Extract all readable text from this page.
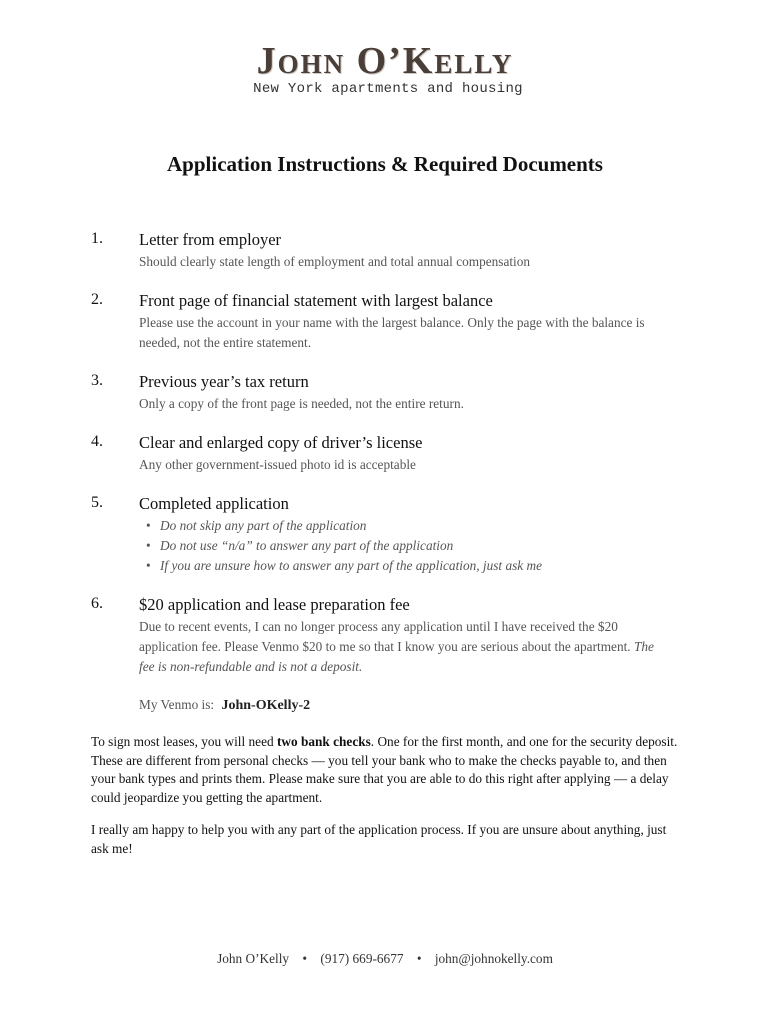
John O’Kelly
New York apartments and housing
Application Instructions & Required Documents
1. Letter from employer
Should clearly state length of employment and total annual compensation
2. Front page of financial statement with largest balance
Please use the account in your name with the largest balance. Only the page with the balance is needed, not the entire statement.
3. Previous year’s tax return
Only a copy of the front page is needed, not the entire return.
4. Clear and enlarged copy of driver’s license
Any other government-issued photo id is acceptable
5. Completed application
• Do not skip any part of the application
• Do not use “n/a” to answer any part of the application
• If you are unsure how to answer any part of the application, just ask me
6. $20 application and lease preparation fee
Due to recent events, I can no longer process any application until I have received the $20 application fee. Please Venmo $20 to me so that I know you are serious about the apartment. The fee is non-refundable and is not a deposit.
My Venmo is: John-OKelly-2
To sign most leases, you will need two bank checks. One for the first month, and one for the security deposit. These are different from personal checks — you tell your bank who to make the checks payable to, and then your bank types and prints them. Please make sure that you are able to do this right after applying — a delay could jeopardize you getting the apartment.
I really am happy to help you with any part of the application process. If you are unsure about anything, just ask me!
John O’Kelly • (917) 669-6677 • john@johnokelly.com
